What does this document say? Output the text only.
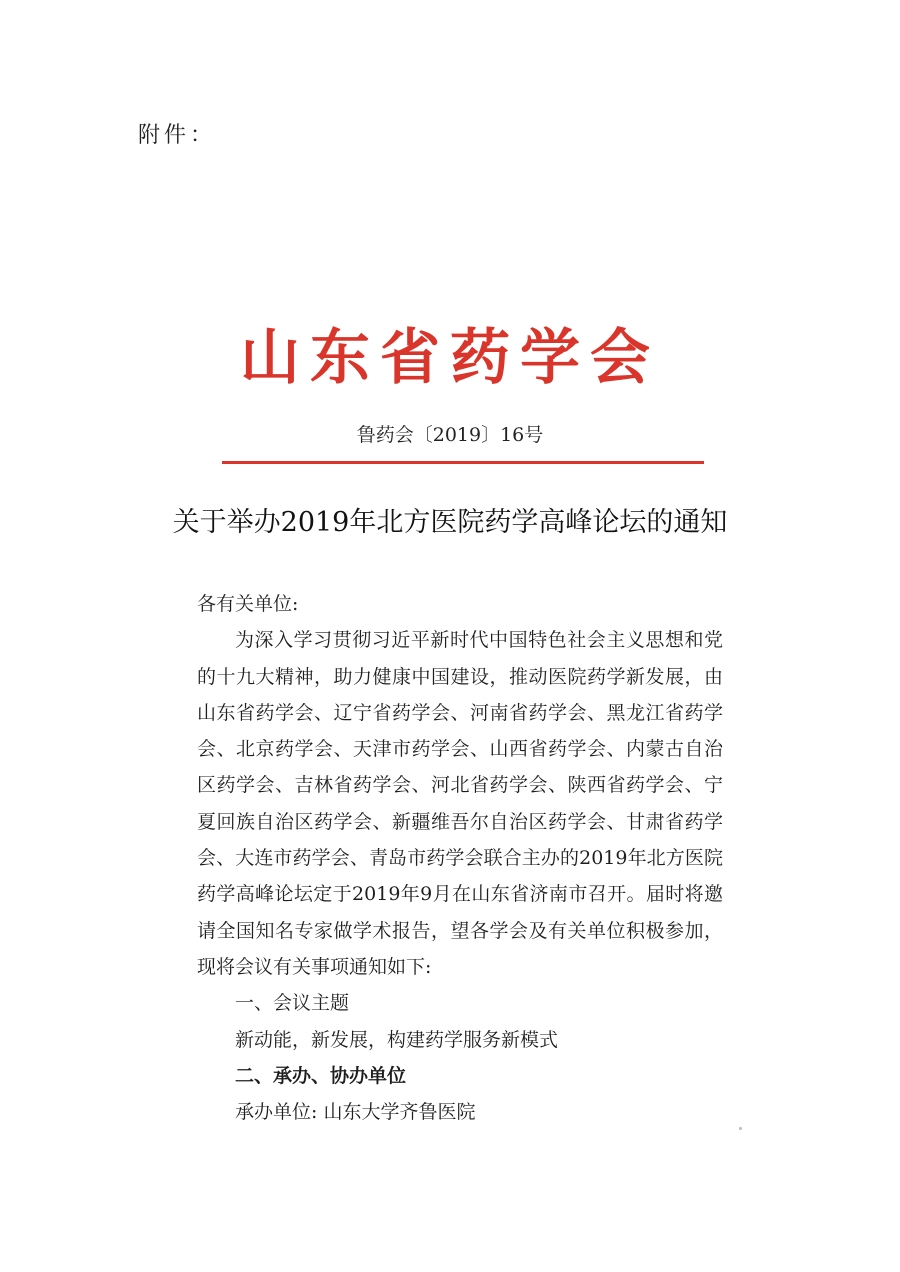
附件：
山东省药学会
鲁药会〔2019〕16号
关于举办2019年北方医院药学高峰论坛的通知

各有关单位:

为深入学习贯彻习近平新时代中国特色社会主义思想和党的十九大精神，助力健康中国建设，推动医院药学新发展，由山东省药学会、辽宁省药学会、河南省药学会、黑龙江省药学会、北京药学会、天津市药学会、山西省药学会、内蒙古自治区药学会、吉林省药学会、河北省药学会、陕西省药学会、宁夏回族自治区药学会、新疆维吾尔自治区药学会、甘肃省药学会、大连市药学会、青岛市药学会联合主办的2019年北方医院药学高峰论坛定于2019年9月在山东省济南市召开。届时将邀请全国知名专家做学术报告，望各学会及有关单位积极参加，现将会议有关事项通知如下:

一、会议主题

新动能，新发展，构建药学服务新模式

二、承办、协办单位

承办单位: 山东大学齐鲁医院
